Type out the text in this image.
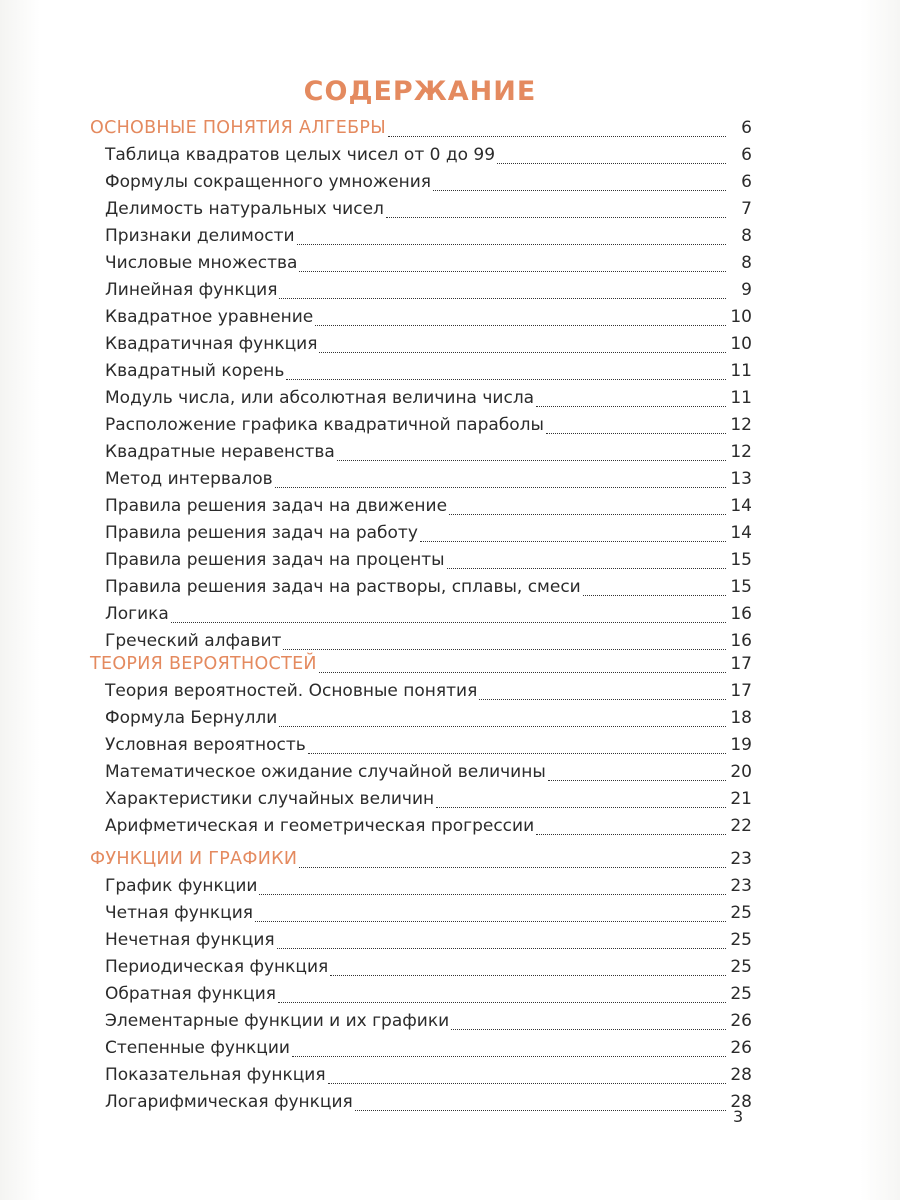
СОДЕРЖАНИЕ
ОСНОВНЫЕ ПОНЯТИЯ АЛГЕБРЫ	6
Таблица квадратов целых чисел от 0 до 99	6
Формулы сокращенного умножения	6
Делимость натуральных чисел	7
Признаки делимости	8
Числовые множества	8
Линейная функция	9
Квадратное уравнение	10
Квадратичная функция	10
Квадратный корень	11
Модуль числа, или абсолютная величина числа	11
Расположение графика квадратичной параболы	12
Квадратные неравенства	12
Метод интервалов	13
Правила решения задач на движение	14
Правила решения задач на работу	14
Правила решения задач на проценты	15
Правила решения задач на растворы, сплавы, смеси	15
Логика	16
Греческий алфавит	16
ТЕОРИЯ ВЕРОЯТНОСТЕЙ	17
Теория вероятностей. Основные понятия	17
Формула Бернулли	18
Условная вероятность	19
Математическое ожидание случайной величины	20
Характеристики случайных величин	21
Арифметическая и геометрическая прогрессии	22
ФУНКЦИИ И ГРАФИКИ	23
График функции	23
Четная функция	25
Нечетная функция	25
Периодическая функция	25
Обратная функция	25
Элементарные функции и их графики	26
Степенные функции	26
Показательная функция	28
Логарифмическая функция	28
3
